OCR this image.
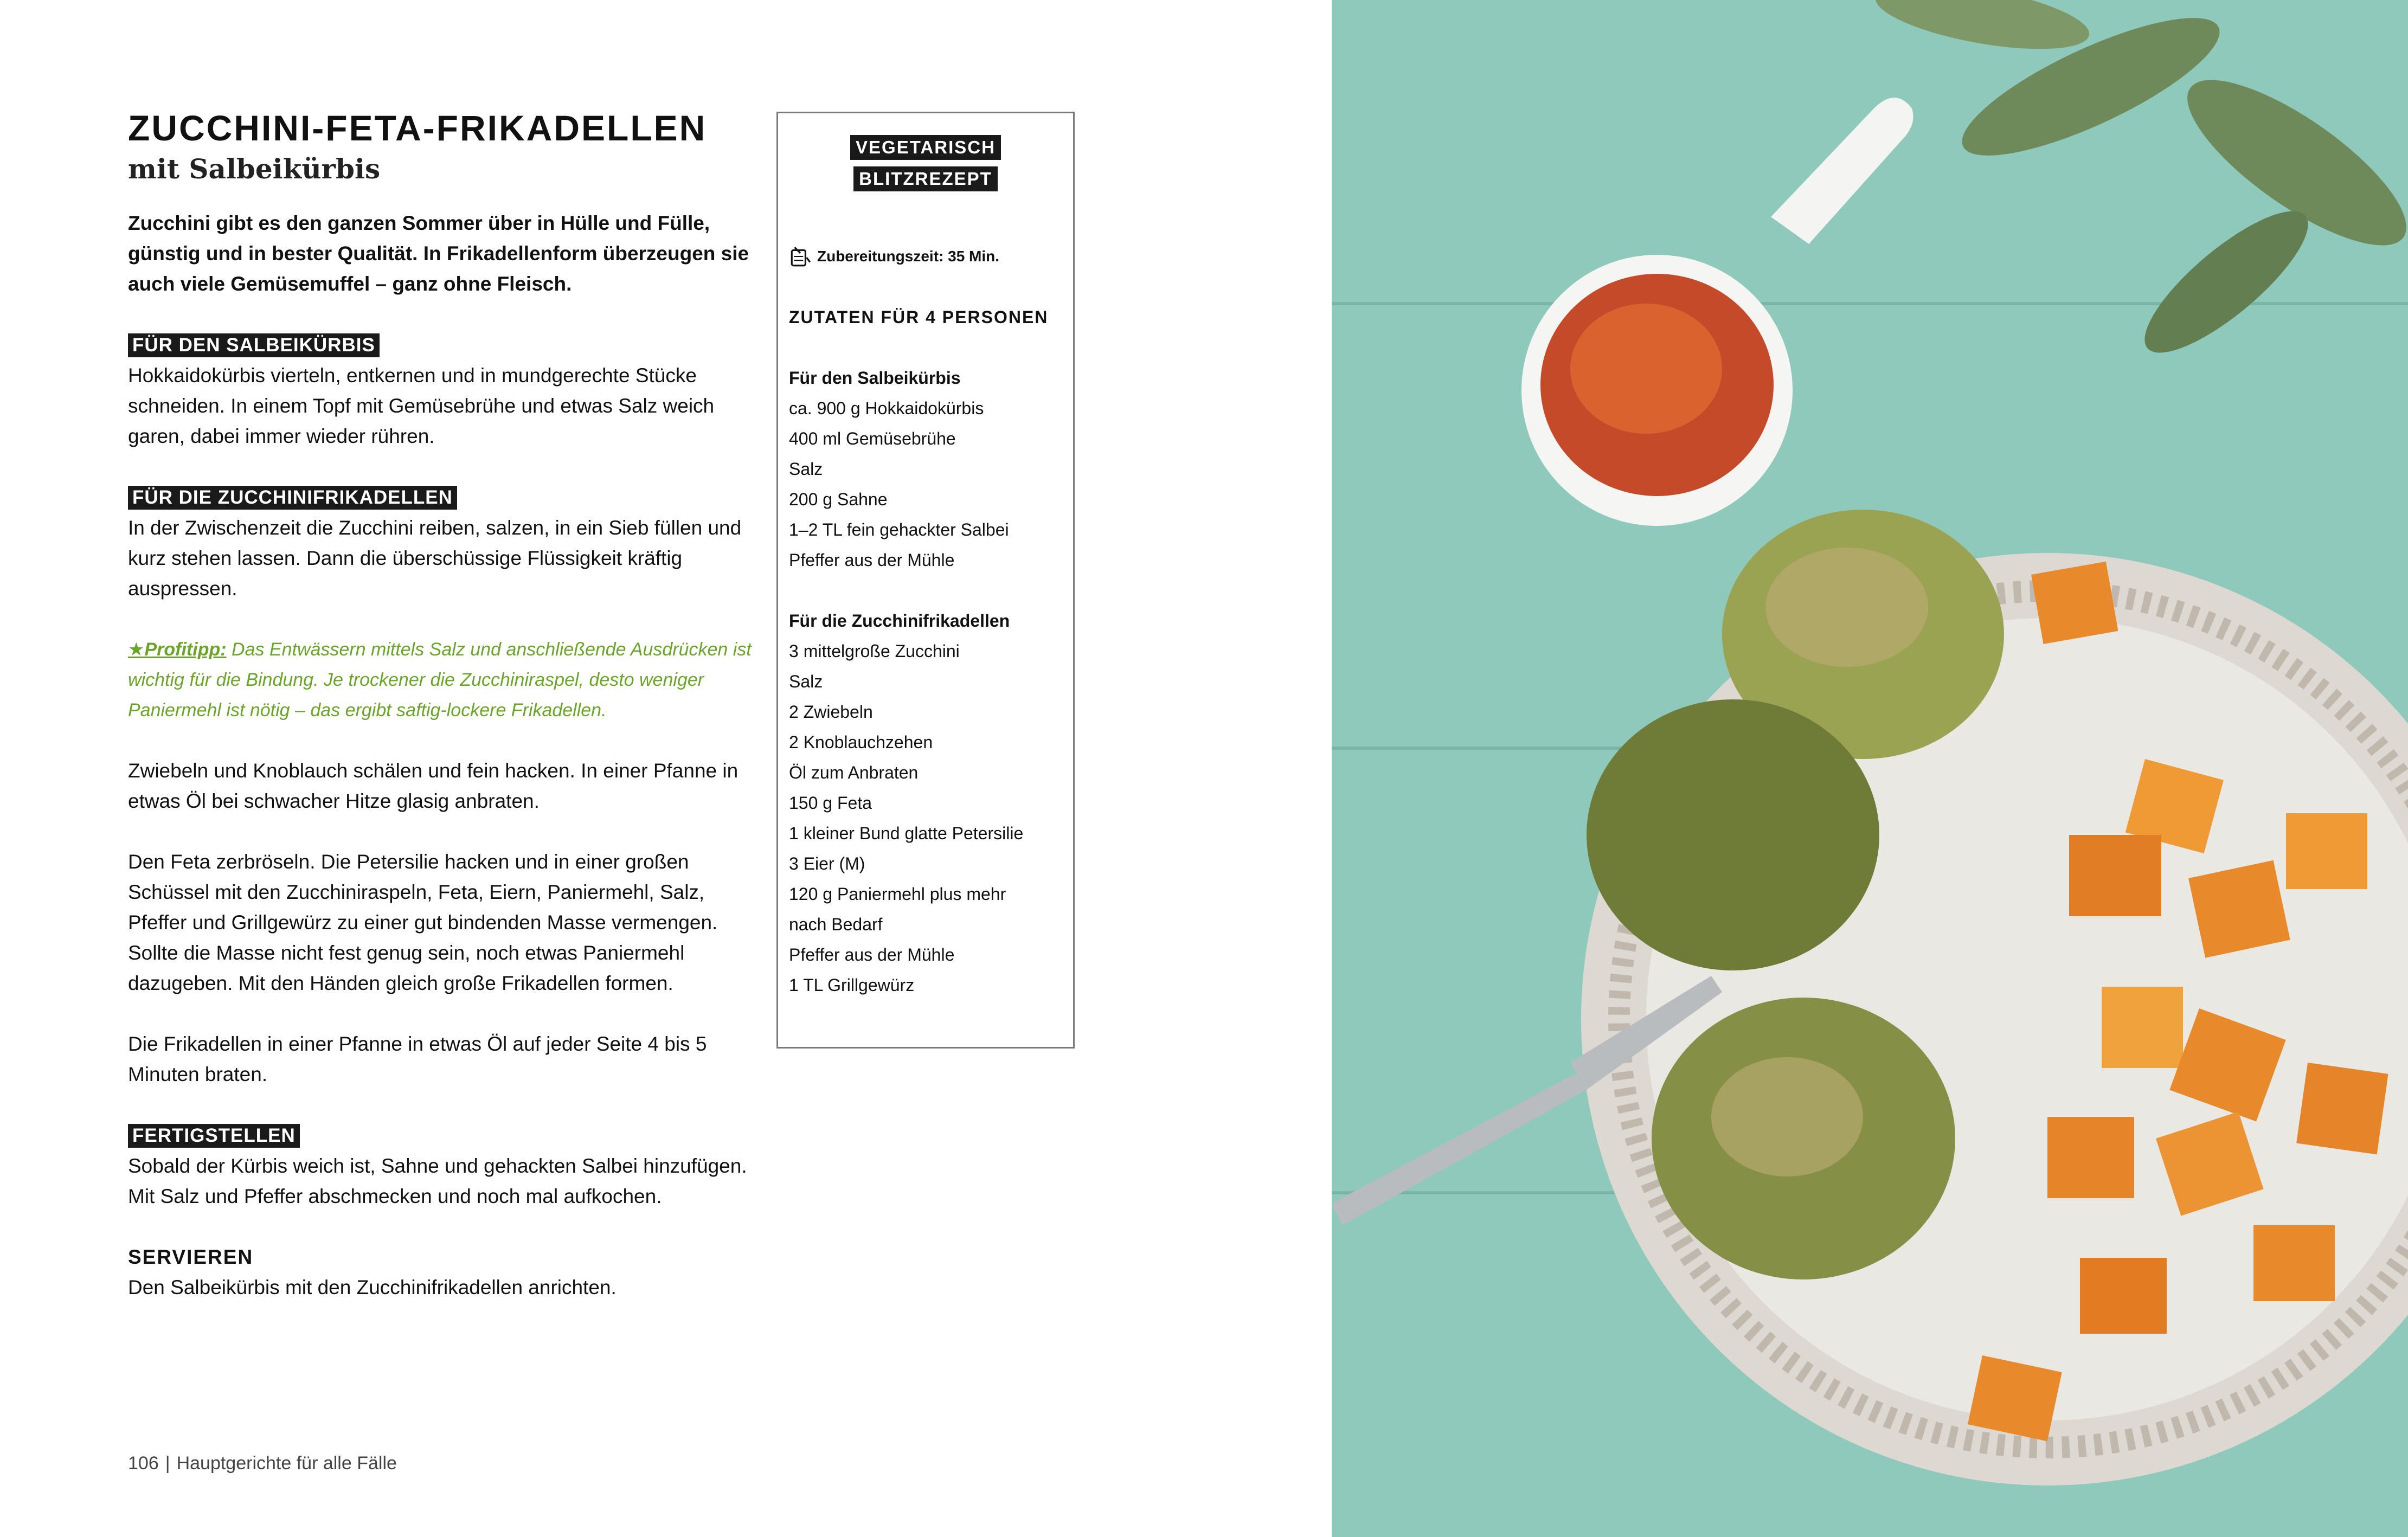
ZUCCHINI-FETA-FRIKADELLEN
mit Salbeikürbis

Zucchini gibt es den ganzen Sommer über in Hülle und Fülle, günstig und in bester Qualität. In Frikadellenform überzeugen sie auch viele Gemüsemuffel – ganz ohne Fleisch.

FÜR DEN SALBEIKÜRBIS

Hokkaidokürbis vierteln, entkernen und in mundgerechte Stücke schneiden. In einem Topf mit Gemüsebrühe und etwas Salz weich garen, dabei immer wieder rühren.

FÜR DIE ZUCCHINIFRIKADELLEN

In der Zwischenzeit die Zucchini reiben, salzen, in ein Sieb füllen und kurz stehen lassen. Dann die überschüssige Flüssigkeit kräftig auspressen.

★Profitipp: Das Entwässern mittels Salz und anschließende Ausdrücken ist wichtig für die Bindung. Je trockener die Zucchiniraspel, desto weniger Paniermehl ist nötig – das ergibt saftig-lockere Frikadellen.

Zwiebeln und Knoblauch schälen und fein hacken. In einer Pfanne in etwas Öl bei schwacher Hitze glasig anbraten.

Den Feta zerbröseln. Die Petersilie hacken und in einer großen Schüssel mit den Zucchiniraspeln, Feta, Eiern, Paniermehl, Salz, Pfeffer und Grillgewürz zu einer gut bindenden Masse vermengen. Sollte die Masse nicht fest genug sein, noch etwas Paniermehl dazugeben. Mit den Händen gleich große Frikadellen formen.

Die Frikadellen in einer Pfanne in etwas Öl auf jeder Seite 4 bis 5 Minuten braten.

FERTIGSTELLEN

Sobald der Kürbis weich ist, Sahne und gehackten Salbei hinzufügen. Mit Salz und Pfeffer abschmecken und noch mal aufkochen.

SERVIEREN

Den Salbeikürbis mit den Zucchinifrikadellen anrichten.

VEGETARISCH
BLITZREZEPT

Zubereitungszeit: 35 Min.

ZUTATEN FÜR 4 PERSONEN

Für den Salbeikürbis

ca. 900 g Hokkaidokürbis

400 ml Gemüsebrühe

Salz

200 g Sahne

1–2 TL fein gehackter Salbei

Pfeffer aus der Mühle

Für die Zucchinifrikadellen

3 mittelgroße Zucchini

Salz

2 Zwiebeln

2 Knoblauchzehen

Öl zum Anbraten

150 g Feta

1 kleiner Bund glatte Petersilie

3 Eier (M)

120 g Paniermehl plus mehr

nach Bedarf

Pfeffer aus der Mühle

1 TL Grillgewürz

106 | Hauptgerichte für alle Fälle
